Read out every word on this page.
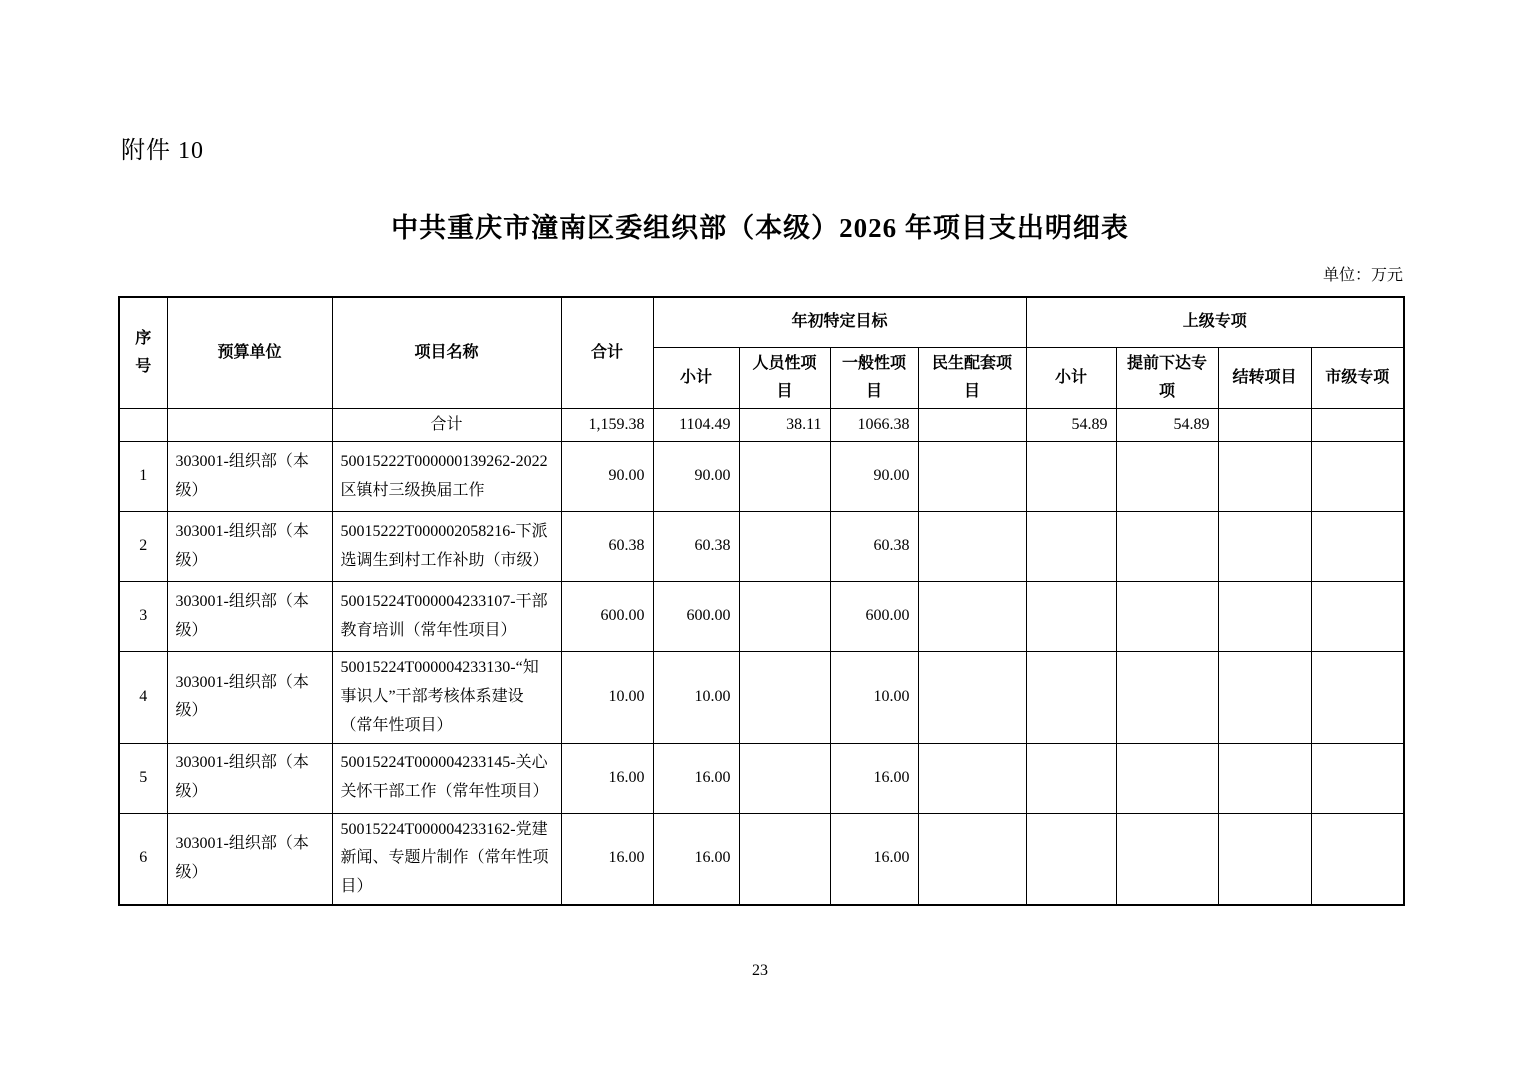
附件 10
中共重庆市潼南区委组织部（本级）2026 年项目支出明细表
单位：万元
序号	预算单位	项目名称	合计	年初特定目标				上级专项			
				小计	人员性项目	一般性项目	民生配套项目	小计	提前下达专项	结转项目	市级专项
		合计	1,159.38	1104.49	38.11	1066.38		54.89	54.89		
1	303001-组织部（本级）	50015222T000000139262-2022区镇村三级换届工作	90.00	90.00		90.00					
2	303001-组织部（本级）	50015222T000002058216-下派选调生到村工作补助（市级）	60.38	60.38		60.38					
3	303001-组织部（本级）	50015224T000004233107-干部教育培训（常年性项目）	600.00	600.00		600.00					
4	303001-组织部（本级）	50015224T000004233130-“知事识人”干部考核体系建设（常年性项目）	10.00	10.00		10.00					
5	303001-组织部（本级）	50015224T000004233145-关心关怀干部工作（常年性项目）	16.00	16.00		16.00					
6	303001-组织部（本级）	50015224T000004233162-党建新闻、专题片制作（常年性项目）	16.00	16.00		16.00					
23
